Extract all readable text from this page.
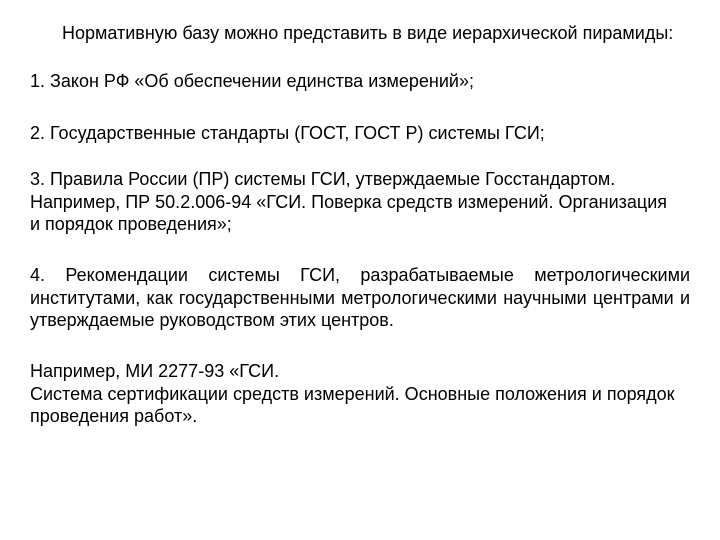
Нормативную базу можно представить в виде иерархической пирамиды:
1. Закон РФ «Об обеспечении единства измерений»;
2. Государственные стандарты (ГОСТ, ГОСТ Р) системы ГСИ;
3. Правила России (ПР) системы ГСИ, утверждаемые Госстандартом.
Например, ПР 50.2.006-94 «ГСИ. Поверка средств измерений. Организация
и порядок проведения»;
4. Рекомендации системы ГСИ, разрабатываемые метрологическими институтами, как государственными метрологическими научными центрами и утверждаемые руководством этих центров.
Например, МИ 2277-93 «ГСИ.
Система сертификации средств измерений. Основные положения и порядок
проведения работ».
